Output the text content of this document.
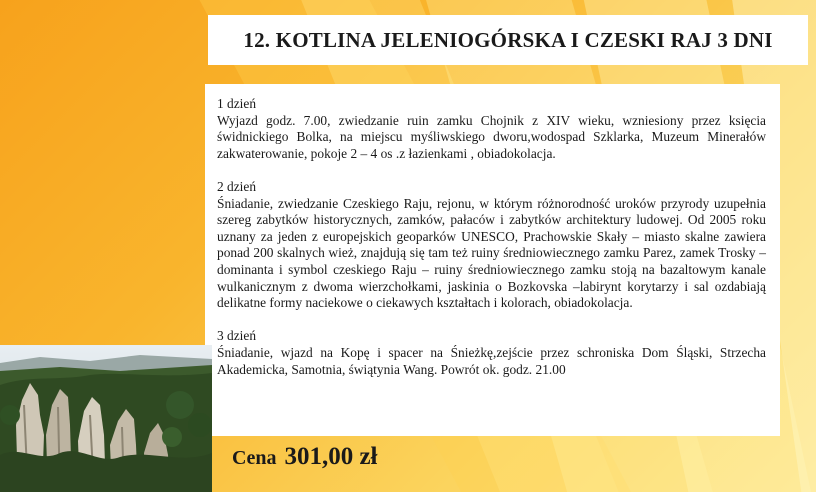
12. KOTLINA JELENIOGÓRSKA I CZESKI RAJ 3 DNI

1 dzień

Wyjazd godz. 7.00, zwiedzanie ruin zamku Chojnik z XIV wieku, wzniesiony przez księcia świdnickiego Bolka, na miejscu myśliwskiego dworu,wodospad Szklarka, Muzeum Minerałów zakwaterowanie, pokoje 2 – 4 os .z łazienkami , obiadokolacja.

2 dzień

Śniadanie, zwiedzanie Czeskiego Raju, rejonu, w którym różnorodność uroków przyrody uzupełnia szereg zabytków historycznych, zamków, pałaców i zabytków architektury ludowej. Od 2005 roku uznany za jeden z europejskich geoparków UNESCO, Prachowskie Skały – miasto skalne zawiera ponad 200 skalnych wież, znajdują się tam też ruiny średniowiecznego zamku Parez, zamek Trosky – dominanta i symbol czeskiego Raju – ruiny średniowiecznego zamku stoją na bazaltowym kanale wulkanicznym z dwoma wierzchołkami, jaskinia o Bozkovska –labirynt korytarzy i sal ozdabiają delikatne formy naciekowe o ciekawych kształtach i kolorach, obiadokolacja.

3 dzień

Śniadanie, wjazd na Kopę i spacer na Śnieżkę,zejście przez schroniska Dom Śląski, Strzecha Akademicka, Samotnia, świątynia Wang. Powrót ok. godz. 21.00

Cena 301,00 zł
